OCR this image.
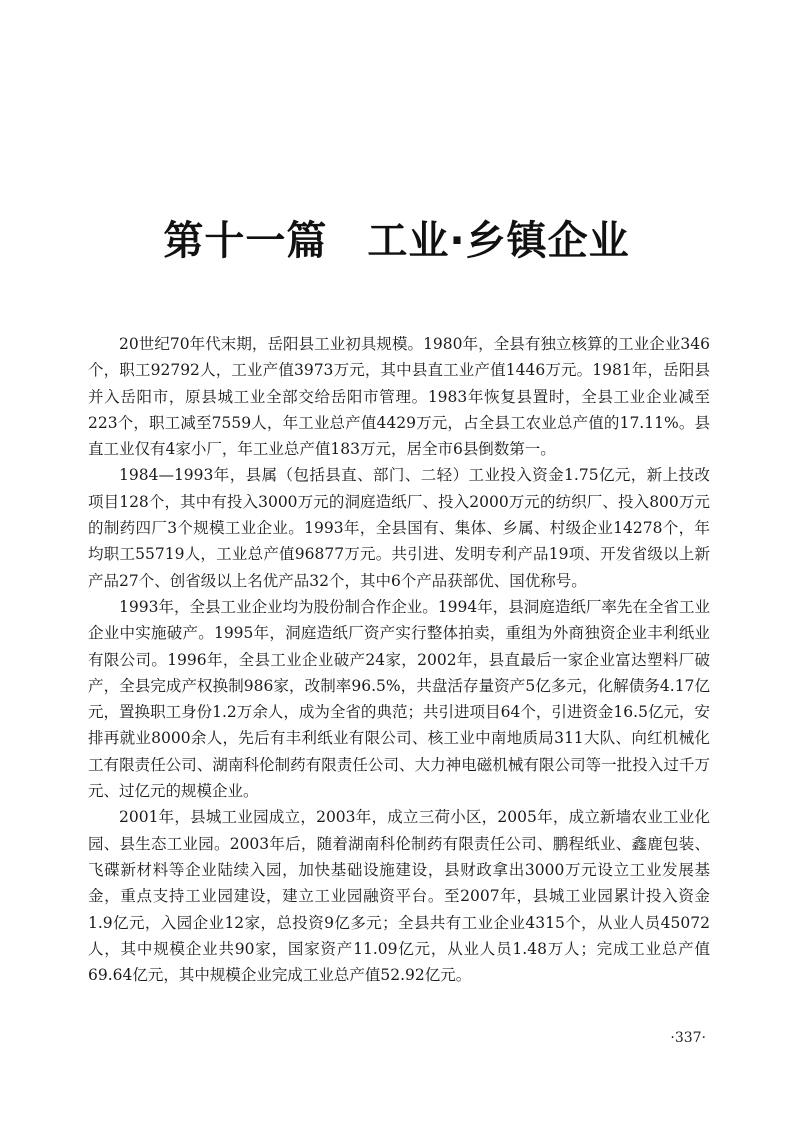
第十一篇 工业·乡镇企业

20世纪70年代末期，岳阳县工业初具规模。1980年，全县有独立核算的工业企业346个，职工92792人，工业产值3973万元，其中县直工业产值1446万元。1981年，岳阳县并入岳阳市，原县城工业全部交给岳阳市管理。1983年恢复县置时，全县工业企业减至223个，职工减至7559人，年工业总产值4429万元，占全县工农业总产值的17.11%。县直工业仅有4家小厂，年工业总产值183万元，居全市6县倒数第一。

1984—1993年，县属（包括县直、部门、二轻）工业投入资金1.75亿元，新上技改项目128个，其中有投入3000万元的洞庭造纸厂、投入2000万元的纺织厂、投入800万元的制药四厂3个规模工业企业。1993年，全县国有、集体、乡属、村级企业14278个，年均职工55719人，工业总产值96877万元。共引进、发明专利产品19项、开发省级以上新产品27个、创省级以上名优产品32个，其中6个产品获部优、国优称号。

1993年，全县工业企业均为股份制合作企业。1994年，县洞庭造纸厂率先在全省工业企业中实施破产。1995年，洞庭造纸厂资产实行整体拍卖，重组为外商独资企业丰利纸业有限公司。1996年，全县工业企业破产24家，2002年，县直最后一家企业富达塑料厂破产，全县完成产权换制986家，改制率96.5%，共盘活存量资产5亿多元，化解债务4.17亿元，置换职工身份1.2万余人，成为全省的典范；共引进项目64个，引进资金16.5亿元，安排再就业8000余人，先后有丰利纸业有限公司、核工业中南地质局311大队、向红机械化工有限责任公司、湖南科伦制药有限责任公司、大力神电磁机械有限公司等一批投入过千万元、过亿元的规模企业。

2001年，县城工业园成立，2003年，成立三荷小区，2005年，成立新墙农业工业化园、县生态工业园。2003年后，随着湖南科伦制药有限责任公司、鹏程纸业、鑫鹿包装、飞碟新材料等企业陆续入园，加快基础设施建设，县财政拿出3000万元设立工业发展基金，重点支持工业园建设，建立工业园融资平台。至2007年，县城工业园累计投入资金1.9亿元，入园企业12家，总投资9亿多元；全县共有工业企业4315个，从业人员45072人，其中规模企业共90家，国家资产11.09亿元，从业人员1.48万人；完成工业总产值69.64亿元，其中规模企业完成工业总产值52.92亿元。

·337·
